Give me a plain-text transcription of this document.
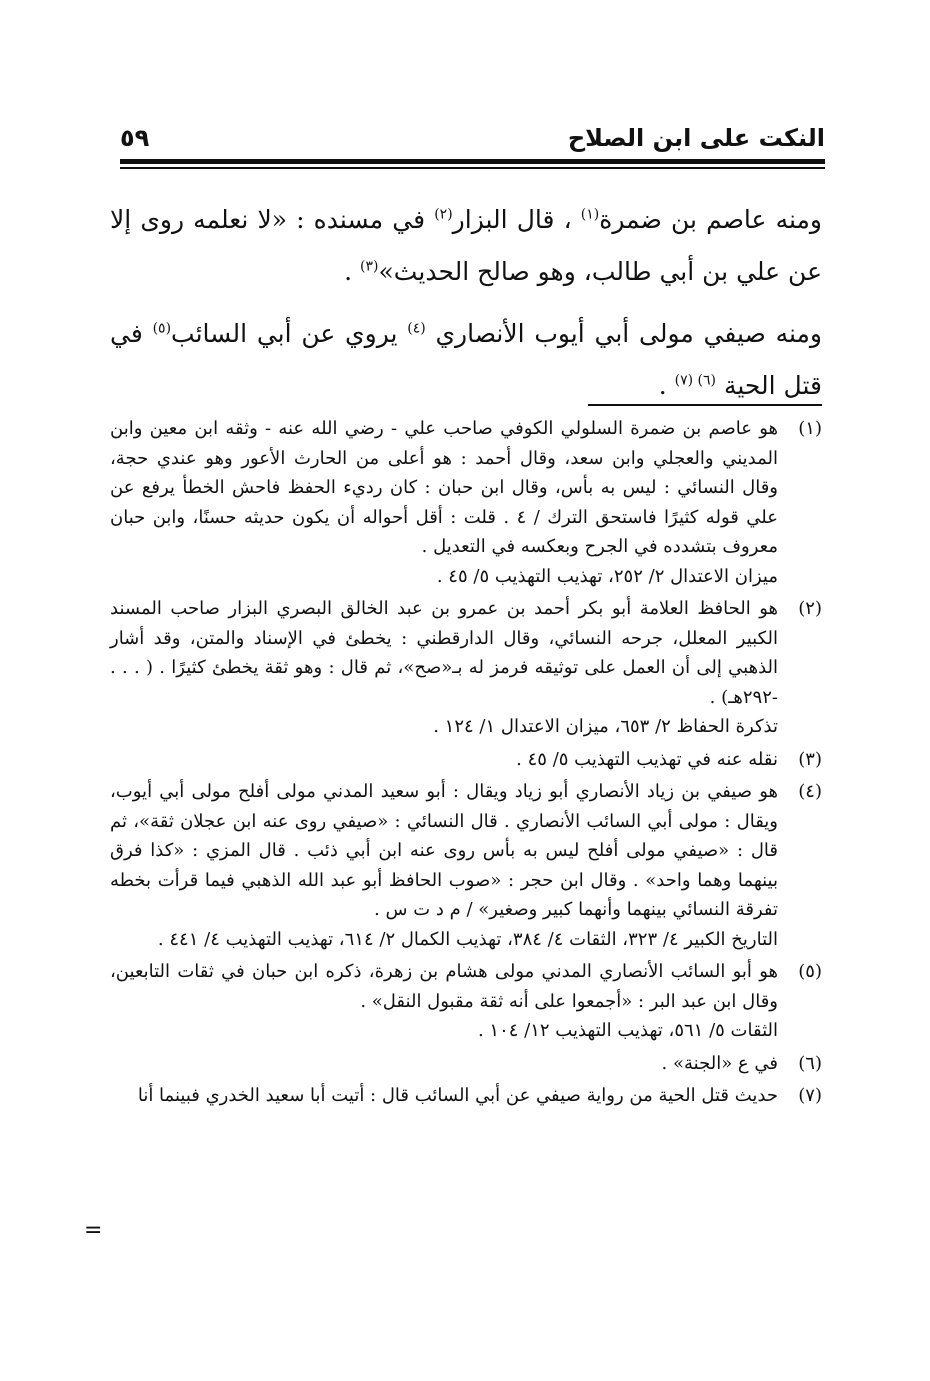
النكت على ابن الصلاح
٥٩

ومنه عاصم بن ضمرة$^{(١)}$ ، قال البزار$^{(٢)}$ في مسنده : «لا نعلمه روى إلا عن علي بن أبي طالب، وهو صالح الحديث»$^{(٣)}$ .

ومنه صيفي مولى أبي أيوب الأنصاري $^{(٤)}$ يروي عن أبي السائب$^{(٥)}$ في قتل الحية $^{(٦) (٧)}$ .

(١)
هو عاصم بن ضمرة السلولي الكوفي صاحب علي - رضي الله عنه - وثقه ابن معين وابن المديني والعجلي وابن سعد، وقال أحمد : هو أعلى من الحارث الأعور وهو عندي حجة، وقال النسائي : ليس به بأس، وقال ابن حبان : كان رديء الحفظ فاحش الخطأ يرفع عن علي قوله كثيرًا فاستحق الترك / ٤ . قلت : أقل أحواله أن يكون حديثه حسنًا، وابن حبان معروف بتشدده في الجرح وبعكسه في التعديل .
ميزان الاعتدال ٢/ ٢٥٢، تهذيب التهذيب ٥/ ٤٥ .
(٢)
هو الحافظ العلامة أبو بكر أحمد بن عمرو بن عبد الخالق البصري البزار صاحب المسند الكبير المعلل، جرحه النسائي، وقال الدارقطني : يخطئ في الإسناد والمتن، وقد أشار الذهبي إلى أن العمل على توثيقه فرمز له بـ«صح»، ثم قال : وهو ثقة يخطئ كثيرًا . ( . . . -٢٩٢هـ) .
تذكرة الحفاظ ٢/ ٦٥٣، ميزان الاعتدال ١/ ١٢٤ .
(٣)
نقله عنه في تهذيب التهذيب ٥/ ٤٥ .
(٤)
هو صيفي بن زياد الأنصاري أبو زياد ويقال : أبو سعيد المدني مولى أفلح مولى أبي أيوب، ويقال : مولى أبي السائب الأنصاري . قال النسائي : «صيفي روى عنه ابن عجلان ثقة»، ثم قال : «صيفي مولى أفلح ليس به بأس روى عنه ابن أبي ذئب . قال المزي : «كذا فرق بينهما وهما واحد» . وقال ابن حجر : «صوب الحافظ أبو عبد الله الذهبي فيما قرأت بخطه تفرقة النسائي بينهما وأنهما كبير وصغير» / م د ت س .
التاريخ الكبير ٤/ ٣٢٣، الثقات ٤/ ٣٨٤، تهذيب الكمال ٢/ ٦١٤، تهذيب التهذيب ٤/ ٤٤١ .
(٥)
هو أبو السائب الأنصاري المدني مولى هشام بن زهرة، ذكره ابن حبان في ثقات التابعين، وقال ابن عبد البر : «أجمعوا على أنه ثقة مقبول النقل» .
الثقات ٥/ ٥٦١، تهذيب التهذيب ١٢/ ١٠٤ .
(٦)
في ع «الجنة» .
(٧)
حديث قتل الحية من رواية صيفي عن أبي السائب قال : أتيت أبا سعيد الخدري فبينما أنا
=
